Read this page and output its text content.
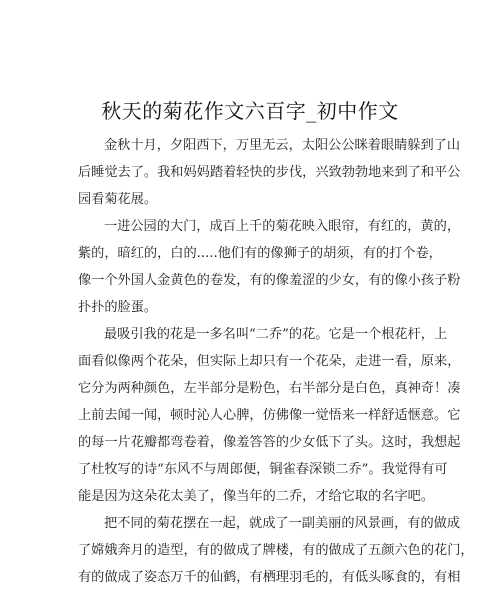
秋天的菊花作文六百字_初中作文
金秋十月，夕阳西下，万里无云，太阳公公眯着眼睛躲到了山
后睡觉去了。我和妈妈踏着轻快的步伐，兴致勃勃地来到了和平公
园看菊花展。
一进公园的大门，成百上千的菊花映入眼帘，有红的，黄的，
紫的，暗红的，白的.....他们有的像狮子的胡须，有的打个卷，
像一个外国人金黄色的卷发，有的像羞涩的少女，有的像小孩子粉
扑扑的脸蛋。
最吸引我的花是一多名叫“二乔”的花。它是一个根花杆，上
面看似像两个花朵，但实际上却只有一个花朵，走进一看，原来，
它分为两种颜色，左半部分是粉色，右半部分是白色，真神奇！凑
上前去闻一闻，顿时沁人心脾，仿佛像一觉悟来一样舒适惬意。它
的每一片花瓣都弯卷着，像羞答答的少女低下了头。这时，我想起
了杜牧写的诗“东风不与周郎便，铜雀春深锁二乔”。我觉得有可
能是因为这朵花太美了，像当年的二乔，才给它取的名字吧。
把不同的菊花摆在一起，就成了一副美丽的风景画，有的做成
了嫦娥奔月的造型，有的做成了牌楼，有的做成了五颜六色的花门，
有的做成了姿态万千的仙鹤，有栖理羽毛的，有低头啄食的，有相
